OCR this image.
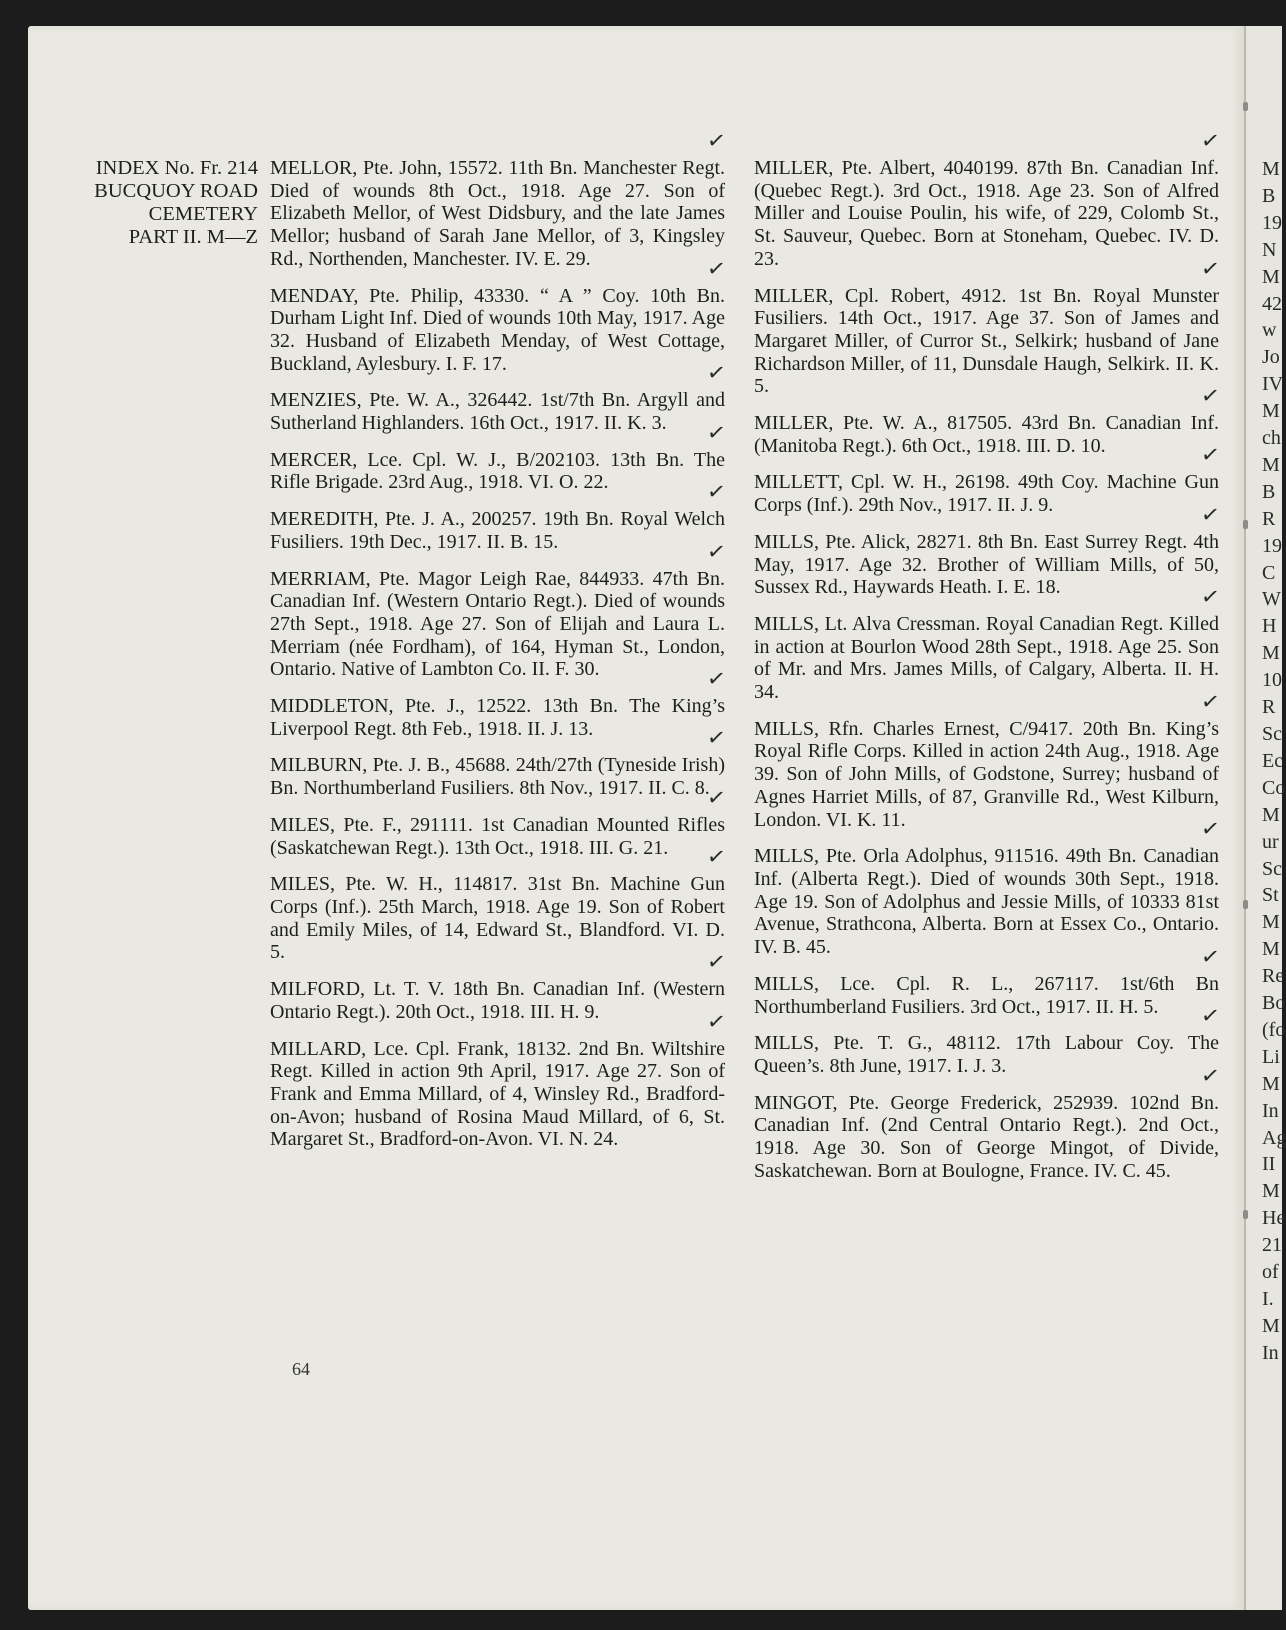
M
B
19
N
M
42
w
Jo
IV
M
ch
M
B
R
19
C
W
H
M
10
R
Sc
Ec
Co
M
ur
Sc
St
M
M
Re
Bo
(fo
Li
M
In
Ag
II
M
He
21
of
I.
M
In
INDEX No. Fr. 214
BUCQUOY ROAD
CEMETERY
PART II. M—Z
✓
MELLOR, Pte. John, 15572. 11th Bn. Manchester Regt. Died of wounds 8th Oct., 1918. Age 27. Son of Elizabeth Mellor, of West Didsbury, and the late James Mellor; husband of Sarah Jane Mellor, of 3, Kingsley Rd., Northenden, Manchester. IV. E. 29.	✓
MENDAY, Pte. Philip, 43330. “ A ” Coy. 10th Bn. Durham Light Inf. Died of wounds 10th May, 1917. Age 32. Husband of Elizabeth Menday, of West Cottage, Buckland, Aylesbury. I. F. 17.	✓
MENZIES, Pte. W. A., 326442. 1st/7th Bn. Argyll and Sutherland Highlanders. 16th Oct., 1917. II. K. 3.	✓
MERCER, Lce. Cpl. W. J., B/202103. 13th Bn. The Rifle Brigade. 23rd Aug., 1918. VI. O. 22.	✓
MEREDITH, Pte. J. A., 200257. 19th Bn. Royal Welch Fusiliers. 19th Dec., 1917. II. B. 15.	✓
MERRIAM, Pte. Magor Leigh Rae, 844933. 47th Bn. Canadian Inf. (Western Ontario Regt.). Died of wounds 27th Sept., 1918. Age 27. Son of Elijah and Laura L. Merriam (née Fordham), of 164, Hyman St., London, Ontario. Native of Lambton Co. II. F. 30.	✓
MIDDLETON, Pte. J., 12522. 13th Bn. The King’s Liverpool Regt. 8th Feb., 1918. II. J. 13.	✓
MILBURN, Pte. J. B., 45688. 24th/27th (Tyneside Irish) Bn. Northumberland Fusiliers. 8th Nov., 1917. II. C. 8.
✓
MILES, Pte. F., 291111. 1st Canadian Mounted Rifles (Saskatchewan Regt.). 13th Oct., 1918. III. G. 21.	✓
MILES, Pte. W. H., 114817. 31st Bn. Machine Gun Corps (Inf.). 25th March, 1918. Age 19. Son of Robert and Emily Miles, of 14, Edward St., Blandford. VI. D. 5.	✓
MILFORD, Lt. T. V. 18th Bn. Canadian Inf. (Western Ontario Regt.). 20th Oct., 1918. III. H. 9.	✓
MILLARD, Lce. Cpl. Frank, 18132. 2nd Bn. Wiltshire Regt. Killed in action 9th April, 1917. Age 27. Son of Frank and Emma Millard, of 4, Winsley Rd., Bradford-on-Avon; husband of Rosina Maud Millard, of 6, St. Margaret St., Bradford-on-Avon. VI. N. 24.
✓
MILLER, Pte. Albert, 4040199. 87th Bn. Canadian Inf. (Quebec Regt.). 3rd Oct., 1918. Age 23. Son of Alfred Miller and Louise Poulin, his wife, of 229, Colomb St., St. Sauveur, Quebec. Born at Stoneham, Quebec. IV. D. 23.	✓
MILLER, Cpl. Robert, 4912. 1st Bn. Royal Munster Fusiliers. 14th Oct., 1917. Age 37. Son of James and Margaret Miller, of Curror St., Selkirk; husband of Jane Richardson Miller, of 11, Dunsdale Haugh, Selkirk. II. K. 5.	✓
MILLER, Pte. W. A., 817505. 43rd Bn. Canadian Inf. (Manitoba Regt.). 6th Oct., 1918. III. D. 10.	✓
MILLETT, Cpl. W. H., 26198. 49th Coy. Machine Gun Corps (Inf.). 29th Nov., 1917. II. J. 9.	✓
MILLS, Pte. Alick, 28271. 8th Bn. East Surrey Regt. 4th May, 1917. Age 32. Brother of William Mills, of 50, Sussex Rd., Haywards Heath. I. E. 18.	✓
MILLS, Lt. Alva Cressman. Royal Canadian Regt. Killed in action at Bourlon Wood 28th Sept., 1918. Age 25. Son of Mr. and Mrs. James Mills, of Calgary, Alberta. II. H. 34.	✓
MILLS, Rfn. Charles Ernest, C/9417. 20th Bn. King’s Royal Rifle Corps. Killed in action 24th Aug., 1918. Age 39. Son of John Mills, of Godstone, Surrey; husband of Agnes Harriet Mills, of 87, Granville Rd., West Kilburn, London. VI. K. 11.	✓
MILLS, Pte. Orla Adolphus, 911516. 49th Bn. Canadian Inf. (Alberta Regt.). Died of wounds 30th Sept., 1918. Age 19. Son of Adolphus and Jessie Mills, of 10333 81st Avenue, Strathcona, Alberta. Born at Essex Co., Ontario. IV. B. 45.	✓
MILLS, Lce. Cpl. R. L., 267117. 1st/6th Bn Northumberland Fusiliers. 3rd Oct., 1917. II. H. 5.	✓
MILLS, Pte. T. G., 48112. 17th Labour Coy. The Queen’s. 8th June, 1917. I. J. 3.	✓
MINGOT, Pte. George Frederick, 252939. 102nd Bn. Canadian Inf. (2nd Central Ontario Regt.). 2nd Oct., 1918. Age 30. Son of George Mingot, of Divide, Saskatchewan. Born at Boulogne, France. IV. C. 45.
64
